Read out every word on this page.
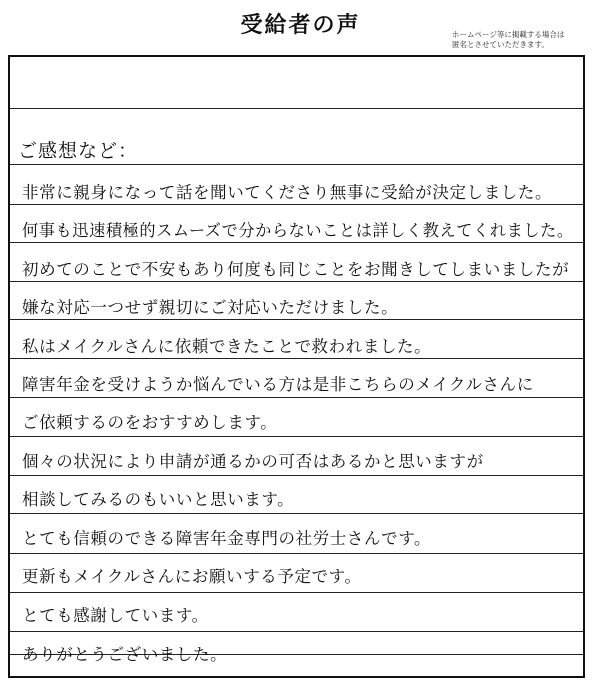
受給者の声	ホームページ等に掲載する場合は
匿名とさせていただきます。
ご感想など：
非常に親身になって話を聞いてくださり無事に受給が決定しました。
何事も迅速積極的スムーズで分からないことは詳しく教えてくれました。
初めてのことで不安もあり何度も同じことをお聞きしてしまいましたが
嫌な対応一つせず親切にご対応いただけました。
私はメイクルさんに依頼できたことで救われました。
障害年金を受けようか悩んでいる方は是非こちらのメイクルさんに
ご依頼するのをおすすめします。
個々の状況により申請が通るかの可否はあるかと思いますが
相談してみるのもいいと思います。
とても信頼のできる障害年金専門の社労士さんです。
更新もメイクルさんにお願いする予定です。
とても感謝しています。
ありがとうございました。
